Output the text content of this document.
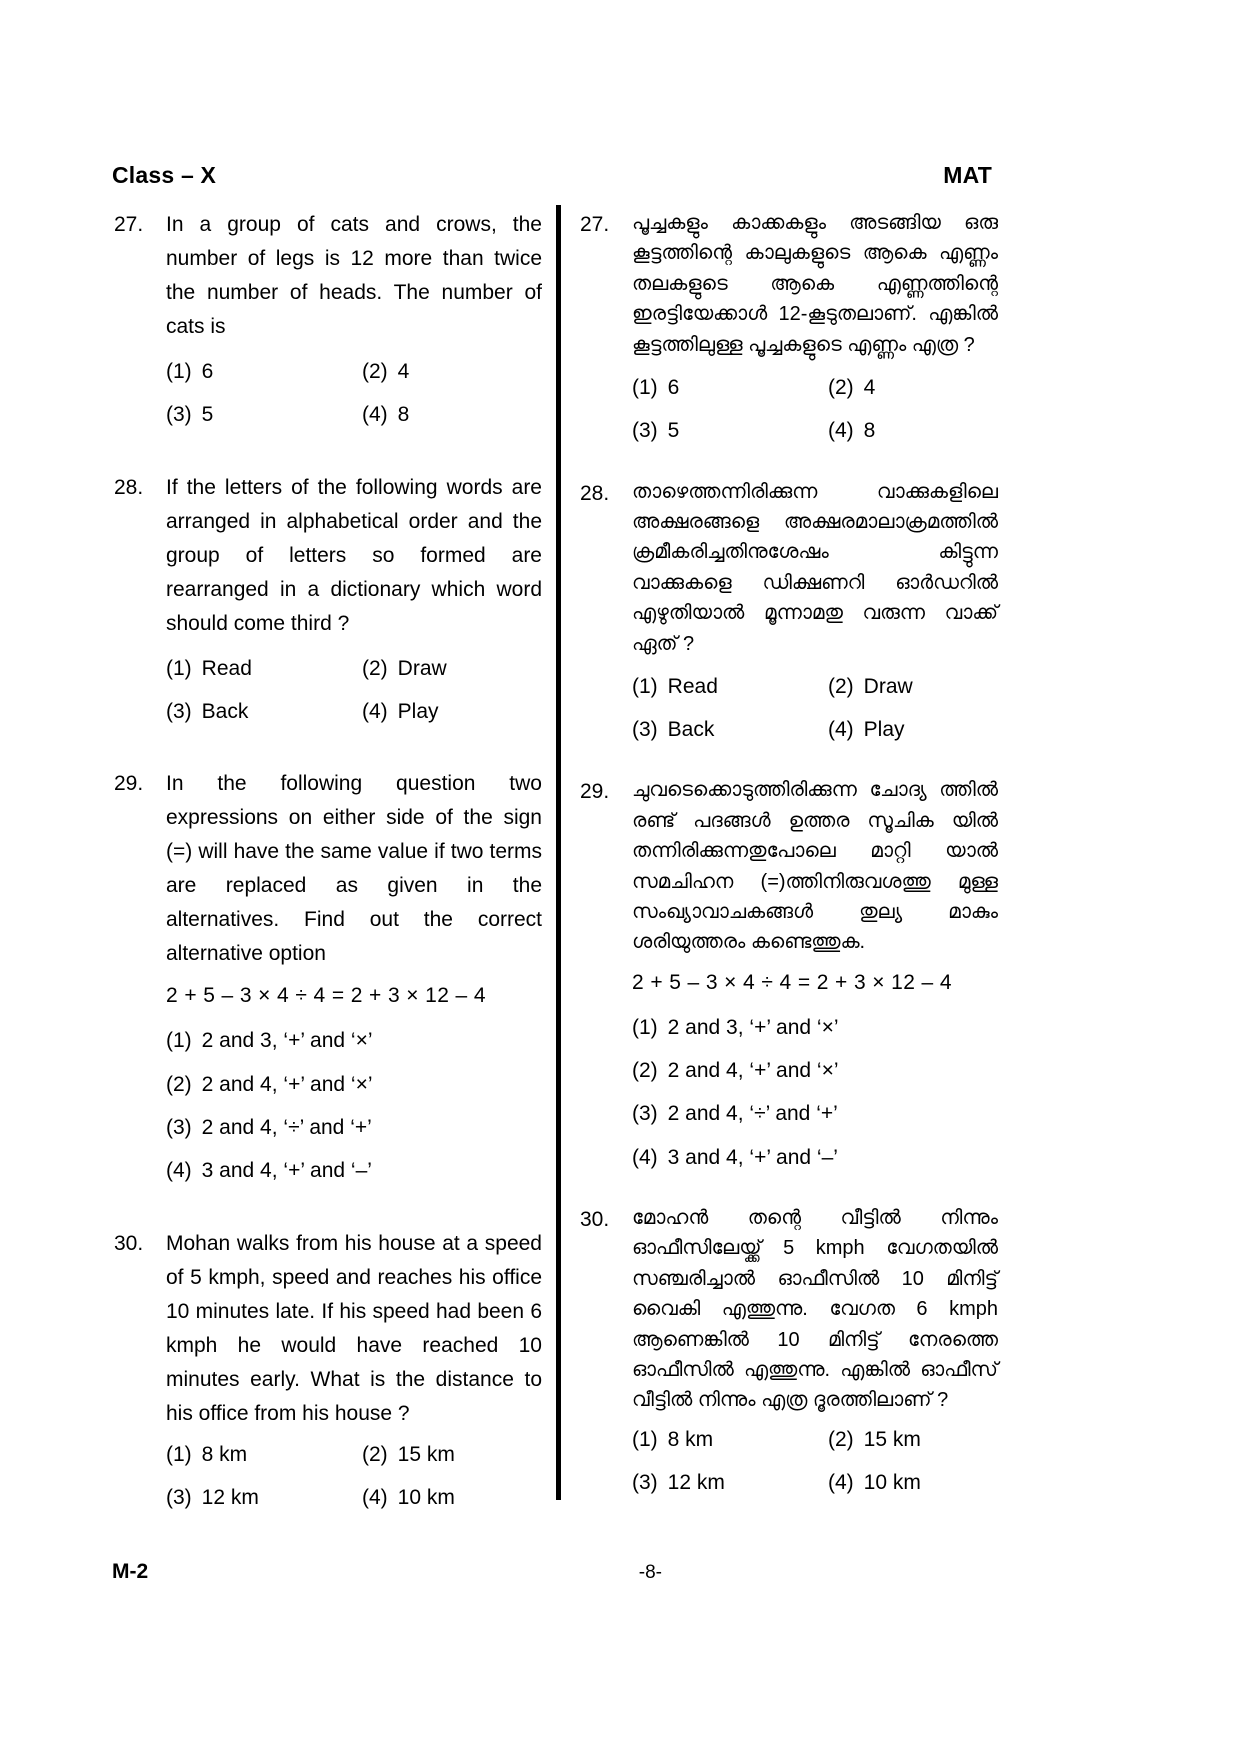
Class – X	MAT
27.	In a group of cats and crows, the number of legs is 12 more than twice the number of heads. The number of cats is

(1) 6	(2) 4
(3) 5	(4) 8
28.	If the letters of the following words are arranged in alphabetical order and the group of letters so formed are rearranged in a dictionary which word should come third ?

(1) Read	(2) Draw
(3) Back	(4) Play
29.	In the following question two expressions on either side of the sign (=) will have the same value if two terms are replaced as given in the alternatives. Find out the correct alternative option

2 + 5 – 3 × 4 ÷ 4 = 2 + 3 × 12 – 4
(1) 2 and 3, ‘+’ and ‘×’
(2) 2 and 4, ‘+’ and ‘×’
(3) 2 and 4, ‘÷’ and ‘+’
(4) 3 and 4, ‘+’ and ‘–’
30.	Mohan walks from his house at a speed of 5 kmph, speed and reaches his office 10 minutes late. If his speed had been 6 kmph he would have reached 10 minutes early. What is the distance to his office from his house ?

(1) 8 km	(2) 15 km
(3) 12 km	(4) 10 km
27.	പൂച്ചകളും കാക്കകളും അടങ്ങിയ ഒരു കൂട്ടത്തിന്റെ കാലുകളുടെ ആകെ എണ്ണം തലകളുടെ ആകെ എണ്ണത്തിന്റെ ഇരട്ടിയേക്കാൾ 12-കൂടുതലാണ്. എങ്കിൽ കൂട്ടത്തിലുള്ള പൂച്ചകളുടെ എണ്ണം എത്ര ?

(1) 6	(2) 4
(3) 5	(4) 8
28.	താഴെത്തന്നിരിക്കുന്ന വാക്കുകളിലെ അക്ഷരങ്ങളെ അക്ഷരമാലാക്രമത്തിൽ ക്രമീകരിച്ചതിനുശേഷം കിട്ടുന്ന വാക്കുകളെ ഡിക്ഷണറി ഓർഡറിൽ എഴുതിയാൽ മൂന്നാമതു വരുന്ന വാക്ക് ഏത് ?

(1) Read	(2) Draw
(3) Back	(4) Play
29.	ചുവടെക്കൊടുത്തിരിക്കുന്ന ചോദ്യ ത്തിൽ രണ്ട് പദങ്ങൾ ഉത്തര സൂചിക യിൽ തന്നിരിക്കുന്നതുപോലെ മാറ്റി യാൽ സമചിഹന (=)ത്തിനിരുവശത്തു മുള്ള സംഖ്യാവാചകങ്ങൾ തുല്യ മാകും ശരിയുത്തരം കണ്ടെത്തുക.

2 + 5 – 3 × 4 ÷ 4 = 2 + 3 × 12 – 4
(1) 2 and 3, ‘+’ and ‘×’
(2) 2 and 4, ‘+’ and ‘×’
(3) 2 and 4, ‘÷’ and ‘+’
(4) 3 and 4, ‘+’ and ‘–’
30.	മോഹൻ തന്റെ വീട്ടിൽ നിന്നും ഓഫീസിലേയ്ക്ക് 5 kmph വേഗതയിൽ സഞ്ചരിച്ചാൽ ഓഫീസിൽ 10 മിനിട്ട് വൈകി എത്തുന്നു. വേഗത 6 kmph ആണെങ്കിൽ 10 മിനിട്ട് നേരത്തെ ഓഫീസിൽ എത്തുന്നു. എങ്കിൽ ഓഫീസ് വീട്ടിൽ നിന്നും എത്ര ദൂരത്തിലാണ് ?

(1) 8 km	(2) 15 km
(3) 12 km	(4) 10 km
M-2	-8-
